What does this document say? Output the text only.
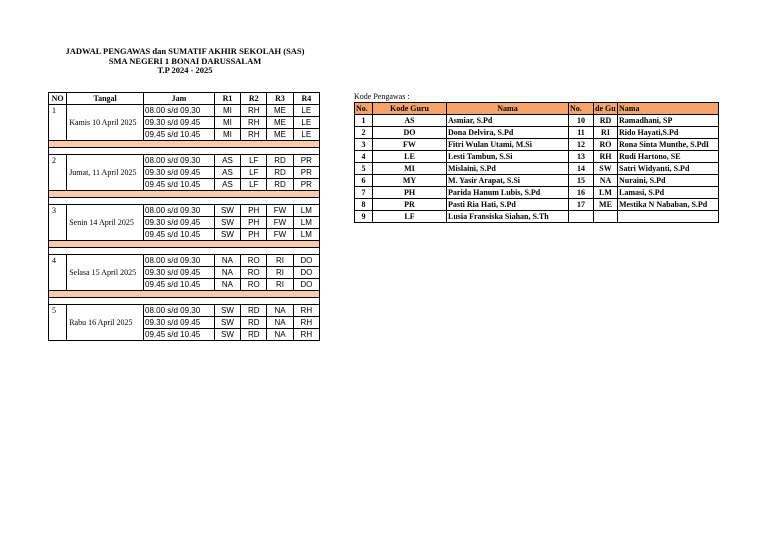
JADWAL PENGAWAS dan SUMATIF AKHIR SEKOLAH (SAS)
SMA NEGERI 1 BONAI DARUSSALAM
T.P 2024 - 2025
NO	Tangal	Jam	R1	R2	R3	R4
1	Kamis 10 April 2025	08.00 s/d 09.30	MI	RH	ME	LE
		09.30 s/d 09.45	MI	RH	ME	LE
		09.45 s/d 10.45	MI	RH	ME	LE

2	Jumat, 11 April 2025	08.00 s/d 09.30	AS	LF	RD	PR
		09.30 s/d 09.45	AS	LF	RD	PR
		09.45 s/d 10.45	AS	LF	RD	PR

3	Senin 14 April 2025	08.00 s/d 09.30	SW	PH	FW	LM
		09.30 s/d 09.45	SW	PH	FW	LM
		09.45 s/d 10.45	SW	PH	FW	LM

4	Selasa 15 April 2025	08.00 s/d 09.30	NA	RO	RI	DO
		09.30 s/d 09.45	NA	RO	RI	DO
		09.45 s/d 10.45	NA	RO	RI	DO

5	Rabu 16 April 2025	08.00 s/d 09.30	SW	RD	NA	RH
		09.30 s/d 09.45	SW	RD	NA	RH
		09.45 s/d 10.45	SW	RD	NA	RH
Kode Pengawas :
No.	Kode Guru	Nama	No.	de Gu	Nama
1	AS	Asmiar, S.Pd	10	RD	Ramadhani, SP
2	DO	Dona Delvira, S.Pd	11	RI	Rido Hayati,S.Pd
3	FW	Fitri Wulan Utami, M.Si	12	RO	Rona Sinta Munthe, S.PdI
4	LE	Lesti Tambun, S.Si	13	RH	Rudi Hartono, SE
5	MI	Mislaini, S.Pd	14	SW	Satri Widyanti, S.Pd
6	MY	M. Yasir Arapat, S.Si	15	NA	Nuraini, S.Pd
7	PH	Parida Hanum Lubis, S.Pd	16	LM	Lamasi, S.Pd
8	PR	Pasti Ria Hati, S.Pd	17	ME	Mestika N Nababan, S.Pd
9	LF	Lusia Fransiska Siahan, S.Th			
